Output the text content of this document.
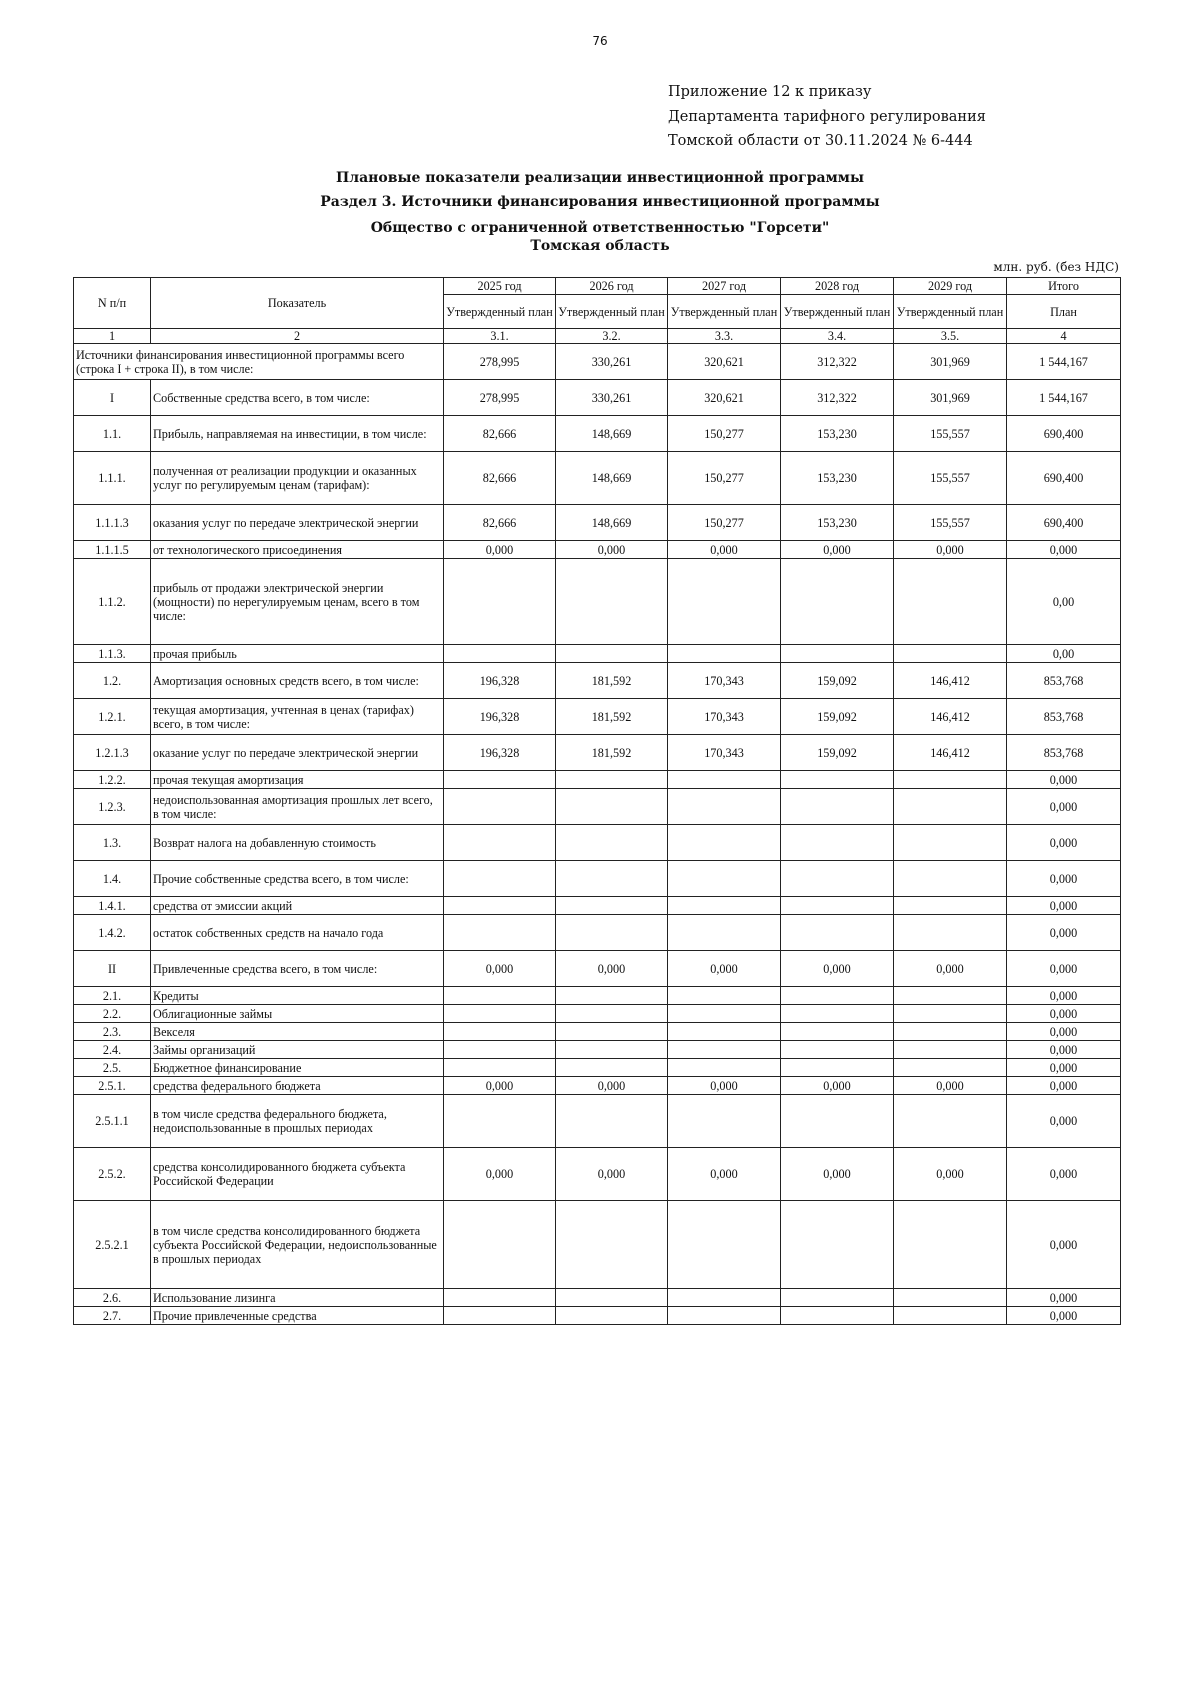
76
Приложение 12 к приказу
Департамента тарифного регулирования
Томской области от 30.11.2024 № 6-444
Плановые показатели реализации инвестиционной программы
Раздел 3. Источники финансирования инвестиционной программы
Общество с ограниченной ответственностью "Горсети"
Томская область
млн. руб. (без НДС)
N п/п	Показатель	2025 год	2026 год	2027 год	2028 год	2029 год	Итого
		Утвержденный план	Утвержденный план	Утвержденный план	Утвержденный план	Утвержденный план	План
1	2	3.1.	3.2.	3.3.	3.4.	3.5.	4
Источники финансирования инвестиционной программы всего (строка I + строка II), в том числе:		278,995	330,261	320,621	312,322	301,969	1 544,167
I	Собственные средства всего, в том числе:	278,995	330,261	320,621	312,322	301,969	1 544,167
1.1.	Прибыль, направляемая на инвестиции, в том числе:	82,666	148,669	150,277	153,230	155,557	690,400
1.1.1.	полученная от реализации продукции и оказанных услуг по регулируемым ценам (тарифам):	82,666	148,669	150,277	153,230	155,557	690,400
1.1.1.3	оказания услуг по передаче электрической энергии	82,666	148,669	150,277	153,230	155,557	690,400
1.1.1.5	от технологического присоединения	0,000	0,000	0,000	0,000	0,000	0,000
1.1.2.	прибыль от продажи электрической энергии (мощности) по нерегулируемым ценам, всего в том числе:						0,00
1.1.3.	прочая прибыль						0,00
1.2.	Амортизация основных средств всего, в том числе:	196,328	181,592	170,343	159,092	146,412	853,768
1.2.1.	текущая амортизация, учтенная в ценах (тарифах) всего, в том числе:	196,328	181,592	170,343	159,092	146,412	853,768
1.2.1.3	оказание услуг по передаче электрической энергии	196,328	181,592	170,343	159,092	146,412	853,768
1.2.2.	прочая текущая амортизация						0,000
1.2.3.	недоиспользованная амортизация прошлых лет всего, в том числе:						0,000
1.3.	Возврат налога на добавленную стоимость						0,000
1.4.	Прочие собственные средства всего, в том числе:						0,000
1.4.1.	средства от эмиссии акций						0,000
1.4.2.	остаток собственных средств на начало года						0,000
II	Привлеченные средства всего, в том числе:	0,000	0,000	0,000	0,000	0,000	0,000
2.1.	Кредиты						0,000
2.2.	Облигационные займы						0,000
2.3.	Векселя						0,000
2.4.	Займы организаций						0,000
2.5.	Бюджетное финансирование						0,000
2.5.1.	средства федерального бюджета	0,000	0,000	0,000	0,000	0,000	0,000
2.5.1.1	в том числе средства федерального бюджета, недоиспользованные в прошлых периодах						0,000
2.5.2.	средства консолидированного бюджета субъекта Российской Федерации	0,000	0,000	0,000	0,000	0,000	0,000
2.5.2.1	в том числе средства консолидированного бюджета субъекта Российской Федерации, недоиспользованные в прошлых периодах						0,000
2.6.	Использование лизинга						0,000
2.7.	Прочие привлеченные средства						0,000
